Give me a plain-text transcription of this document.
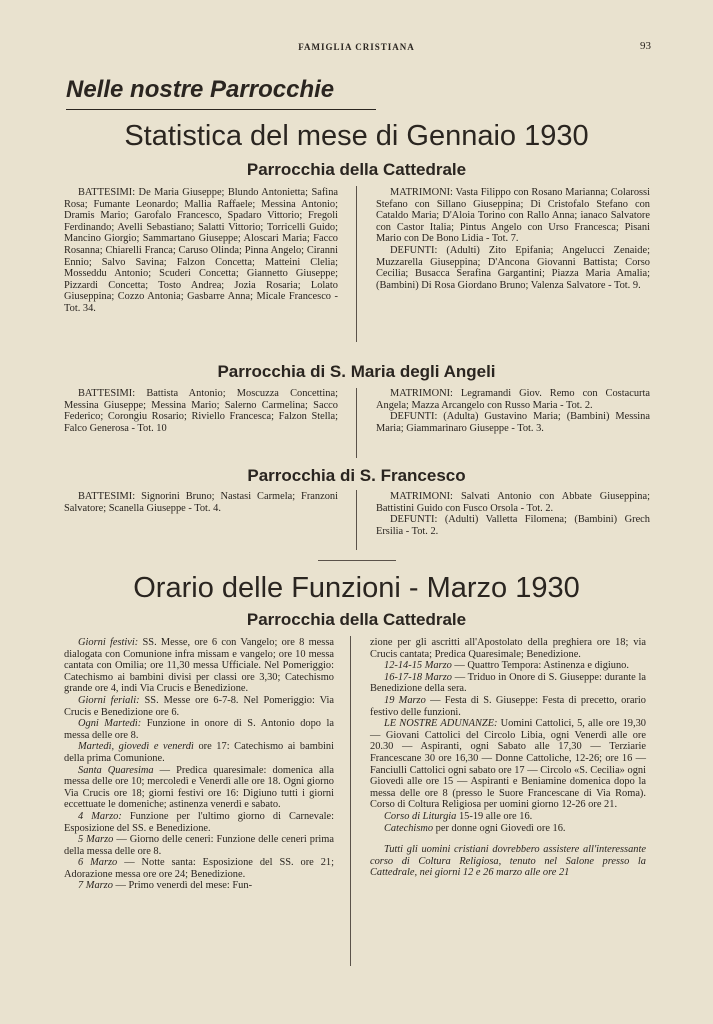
FAMIGLIA CRISTIANA	93
Nelle nostre Parrocchie
Statistica del mese di Gennaio 1930
Parrocchia della Cattedrale

BATTESIMI: De Maria Giuseppe; Blundo Antonietta; Safina Rosa; Fumante Leonardo; Mallia Raffaele; Messina Antonio; Dramis Mario; Garofalo Francesco, Spadaro Vittorio; Fregoli Ferdinando; Avelli Sebastiano; Salatti Vittorio; Torricelli Guido; Mancino Giorgio; Sammartano Giuseppe; Aloscari Maria; Facco Rosanna; Chiarelli Franca; Caruso Olinda; Pinna Angelo; Ciranni Ennio; Salvo Savina; Falzon Concetta; Matteini Clelia; Mosseddu Antonio; Scuderi Concetta; Giannetto Giuseppe; Pizzardi Concetta; Tosto Andrea; Jozia Rosaria; Lolato Giuseppina; Cozzo Antonia; Gasbarre Anna; Micale Francesco - Tot. 34.

MATRIMONI: Vasta Filippo con Rosano Marianna; Colarossi Stefano con Sillano Giuseppina; Di Cristofalo Stefano con Cataldo Maria; D'Aloia Torino con Rallo Anna; ianaco Salvatore con Castor Italia; Pintus Angelo con Urso Francesca; Pisani Mario con De Bono Lidia - Tot. 7.

DEFUNTI: (Adulti) Zito Epifania; Angelucci Zenaide; Muzzarella Giuseppina; D'Ancona Giovanni Battista; Corso Cecilia; Busacca Serafina Gargantini; Piazza Maria Amalia; (Bambini) Di Rosa Giordano Bruno; Valenza Salvatore - Tot. 9.

Parrocchia di S. Maria degli Angeli

BATTESIMI: Battista Antonio; Moscuzza Concettina; Messina Giuseppe; Messina Mario; Salerno Carmelina; Sacco Federico; Corongiu Rosario; Riviello Francesca; Falzon Stella; Falco Generosa - Tot. 10

MATRIMONI: Legramandi Giov. Remo con Costacurta Angela; Mazza Arcangelo con Russo Maria - Tot. 2.

DEFUNTI: (Adulta) Gustavino Maria; (Bambini) Messina Maria; Giammarinaro Giuseppe - Tot. 3.

Parrocchia di S. Francesco

BATTESIMI: Signorini Bruno; Nastasi Carmela; Franzoni Salvatore; Scanella Giuseppe - Tot. 4.

MATRIMONI: Salvati Antonio con Abbate Giuseppina; Battistini Guido con Fusco Orsola - Tot. 2.

DEFUNTI: (Adulti) Valletta Filomena; (Bambini) Grech Ersilia - Tot. 2.

Orario delle Funzioni - Marzo 1930
Parrocchia della Cattedrale

Giorni festivi: SS. Messe, ore 6 con Vangelo; ore 8 messa dialogata con Comunione infra missam e vangelo; ore 10 messa cantata con Omilia; ore 11,30 messa Ufficiale. Nel Pomeriggio: Catechismo ai bambini divisi per classi ore 3,30; Catechismo grande ore 4, indi Via Crucis e Benedizione.

Giorni feriali: SS. Messe ore 6-7-8. Nel Pomeriggio: Via Crucis e Benedizione ore 6.

Ogni Martedì: Funzione in onore di S. Antonio dopo la messa delle ore 8.

Martedì, giovedì e venerdì ore 17: Catechismo ai bambini della prima Comunione.

Santa Quaresima — Predica quaresimale: domenica alla messa delle ore 10; mercoledì e Venerdì alle ore 18. Ogni giorno Via Crucis ore 18; giorni festivi ore 16: Digiuno tutti i giorni eccettuate le domeniche; astinenza venerdì e sabato.

4 Marzo: Funzione per l'ultimo giorno di Carnevale: Esposizione del SS. e Benedizione.

5 Marzo — Giorno delle ceneri: Funzione delle ceneri prima della messa delle ore 8.

6 Marzo — Notte santa: Esposizione del SS. ore 21; Adorazione messa ore ore 24; Benedizione.

7 Marzo — Primo venerdì del mese: Fun-

zione per gli ascritti all'Apostolato della preghiera ore 18; via Crucis cantata; Predica Quaresimale; Benedizione.

12-14-15 Marzo — Quattro Tempora: Astinenza e digiuno.

16-17-18 Marzo — Triduo in Onore di S. Giuseppe: durante la Benedizione della sera.

19 Marzo — Festa di S. Giuseppe: Festa di precetto, orario festivo delle funzioni.

LE NOSTRE ADUNANZE: Uomini Cattolici, 5, alle ore 19,30 — Giovani Cattolici del Circolo Libia, ogni Venerdì alle ore 20.30 — Aspiranti, ogni Sabato alle 17,30 — Terziarie Francescane 30 ore 16,30 — Donne Cattoliche, 12-26; ore 16 — Fanciulli Cattolici ogni sabato ore 17 — Circolo «S. Cecilia» ogni Giovedì alle ore 15 — Aspiranti e Beniamine domenica dopo la messa delle ore 8 (presso le Suore Francescane di Via Roma). Corso di Coltura Religiosa per uomini giorno 12-26 ore 21.

Corso di Liturgia 15-19 alle ore 16.

Catechismo per donne ogni Giovedì ore 16.

Tutti gli uomini cristiani dovrebbero assistere all'interessante corso di Coltura Religiosa, tenuto nel Salone presso la Cattedrale, nei giorni 12 e 26 marzo alle ore 21
